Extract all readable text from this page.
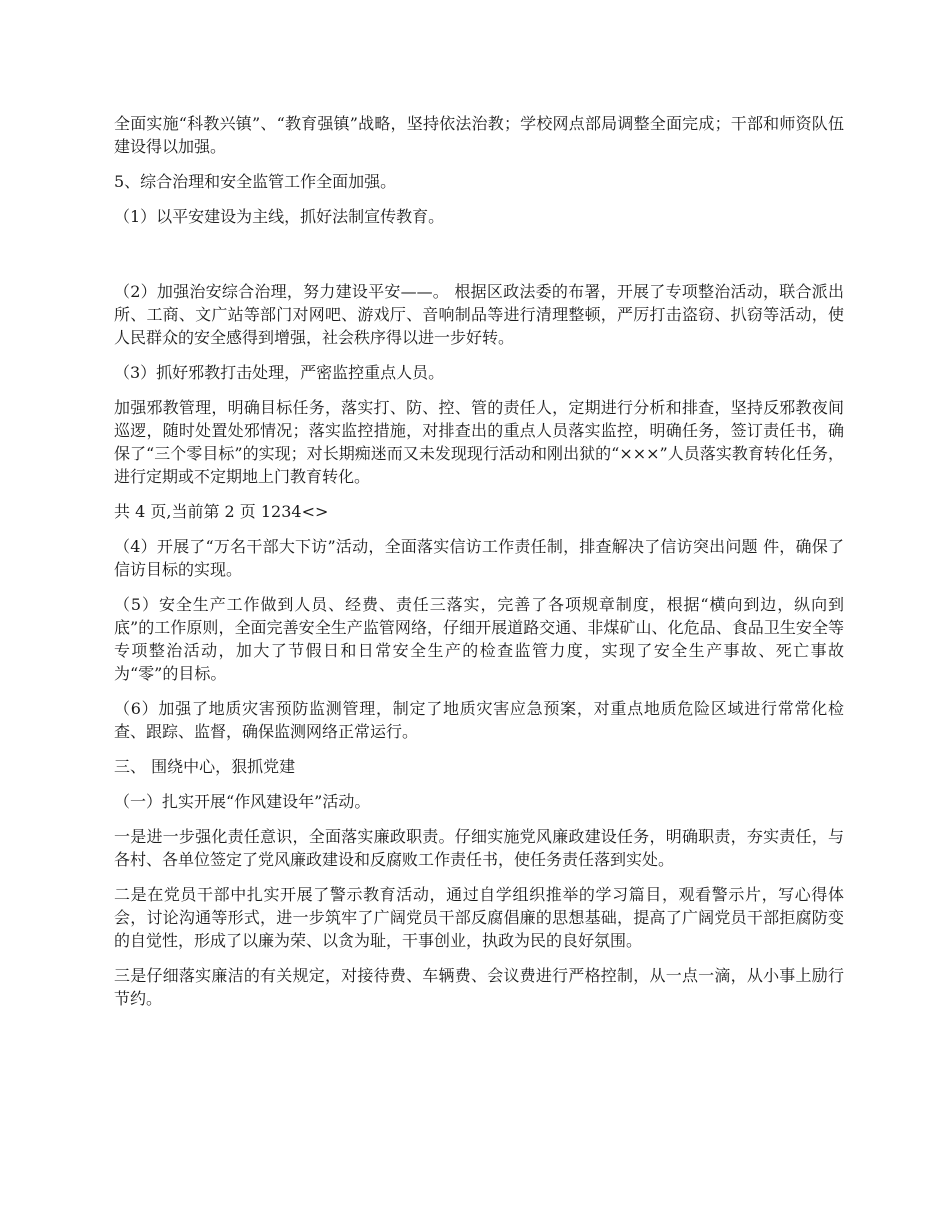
全面实施“科教兴镇”、“教育强镇”战略，坚持依法治教；学校网点部局调整全面完成；干部和师资队伍建设得以加强。

5、综合治理和安全监管工作全面加强。

（1）以平安建设为主线，抓好法制宣传教育。

（2）加强治安综合治理，努力建设平安——。 根据区政法委的布署，开展了专项整治活动，联合派出所、工商、文广站等部门对网吧、游戏厅、音响制品等进行清理整顿，严厉打击盗窃、扒窃等活动，使人民群众的安全感得到增强，社会秩序得以进一步好转。

（3）抓好邪教打击处理，严密监控重点人员。

加强邪教管理，明确目标任务，落实打、防、控、管的责任人，定期进行分析和排查，坚持反邪教夜间巡逻，随时处置处邪情况；落实监控措施，对排查出的重点人员落实监控，明确任务，签订责任书，确保了“三个零目标”的实现；对长期痴迷而又未发现现行活动和刚出狱的“×××”人员落实教育转化任务，进行定期或不定期地上门教育转化。

共 4 页,当前第 2 页 1234<>

（4）开展了“万名干部大下访”活动，全面落实信访工作责任制，排查解决了信访突出问题 件，确保了信访目标的实现。

（5）安全生产工作做到人员、经费、责任三落实，完善了各项规章制度，根据“横向到边，纵向到底”的工作原则，全面完善安全生产监管网络，仔细开展道路交通、非煤矿山、化危品、食品卫生安全等专项整治活动，加大了节假日和日常安全生产的检查监管力度，实现了安全生产事故、死亡事故为“零”的目标。

（6）加强了地质灾害预防监测管理，制定了地质灾害应急预案，对重点地质危险区域进行常常化检查、跟踪、监督，确保监测网络正常运行。

三、 围绕中心，狠抓党建

（一）扎实开展“作风建设年”活动。

一是进一步强化责任意识，全面落实廉政职责。仔细实施党风廉政建设任务，明确职责，夯实责任，与各村、各单位签定了党风廉政建设和反腐败工作责任书，使任务责任落到实处。

二是在党员干部中扎实开展了警示教育活动，通过自学组织推举的学习篇目，观看警示片，写心得体会，讨论沟通等形式，进一步筑牢了广阔党员干部反腐倡廉的思想基础，提高了广阔党员干部拒腐防变的自觉性，形成了以廉为荣、以贪为耻，干事创业，执政为民的良好氛围。

三是仔细落实廉洁的有关规定，对接待费、车辆费、会议费进行严格控制，从一点一滴，从小事上励行节约。
